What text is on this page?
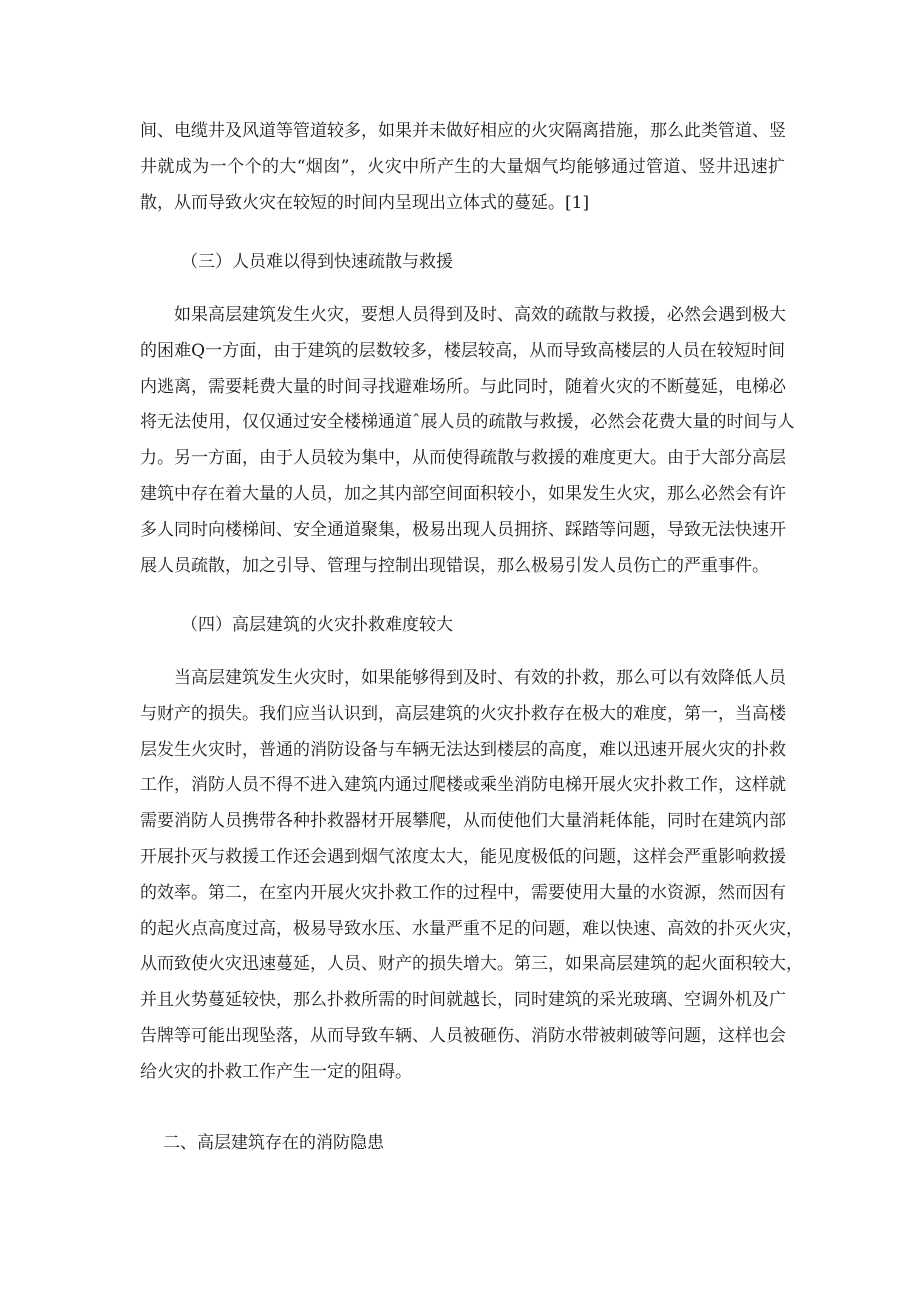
间、电缆井及风道等管道较多，如果并未做好相应的火灾隔离措施，那么此类管道、竖
井就成为一个个的大“烟囱”，火灾中所产生的大量烟气均能够通过管道、竖井迅速扩
散，从而导致火灾在较短的时间内呈现出立体式的蔓延。[1]
（三）人员难以得到快速疏散与救援
如果高层建筑发生火灾，要想人员得到及时、高效的疏散与救援，必然会遇到极大
的困难Q一方面，由于建筑的层数较多，楼层较高，从而导致高楼层的人员在较短时间
内逃离，需要耗费大量的时间寻找避难场所。与此同时，随着火灾的不断蔓延，电梯必
将无法使用，仅仅通过安全楼梯通道ˆ展人员的疏散与救援，必然会花费大量的时间与人
力。另一方面，由于人员较为集中，从而使得疏散与救援的难度更大。由于大部分高层
建筑中存在着大量的人员，加之其内部空间面积较小，如果发生火灾，那么必然会有许
多人同时向楼梯间、安全通道聚集，极易出现人员拥挤、踩踏等问题，导致无法快速开
展人员疏散，加之引导、管理与控制出现错误，那么极易引发人员伤亡的严重事件。
（四）高层建筑的火灾扑救难度较大
当高层建筑发生火灾时，如果能够得到及时、有效的扑救，那么可以有效降低人员
与财产的损失。我们应当认识到，高层建筑的火灾扑救存在极大的难度，第一，当高楼
层发生火灾时，普通的消防设备与车辆无法达到楼层的高度，难以迅速开展火灾的扑救
工作，消防人员不得不进入建筑内通过爬楼或乘坐消防电梯开展火灾扑救工作，这样就
需要消防人员携带各种扑救器材开展攀爬，从而使他们大量消耗体能，同时在建筑内部
开展扑灭与救援工作还会遇到烟气浓度太大，能见度极低的问题，这样会严重影响救援
的效率。第二，在室内开展火灾扑救工作的过程中，需要使用大量的水资源，然而因有
的起火点高度过高，极易导致水压、水量严重不足的问题，难以快速、高效的扑灭火灾，
从而致使火灾迅速蔓延，人员、财产的损失增大。第三，如果高层建筑的起火面积较大，
并且火势蔓延较快，那么扑救所需的时间就越长，同时建筑的采光玻璃、空调外机及广
告牌等可能出现坠落，从而导致车辆、人员被砸伤、消防水带被刺破等问题，这样也会
给火灾的扑救工作产生一定的阻碍。
二、高层建筑存在的消防隐患
